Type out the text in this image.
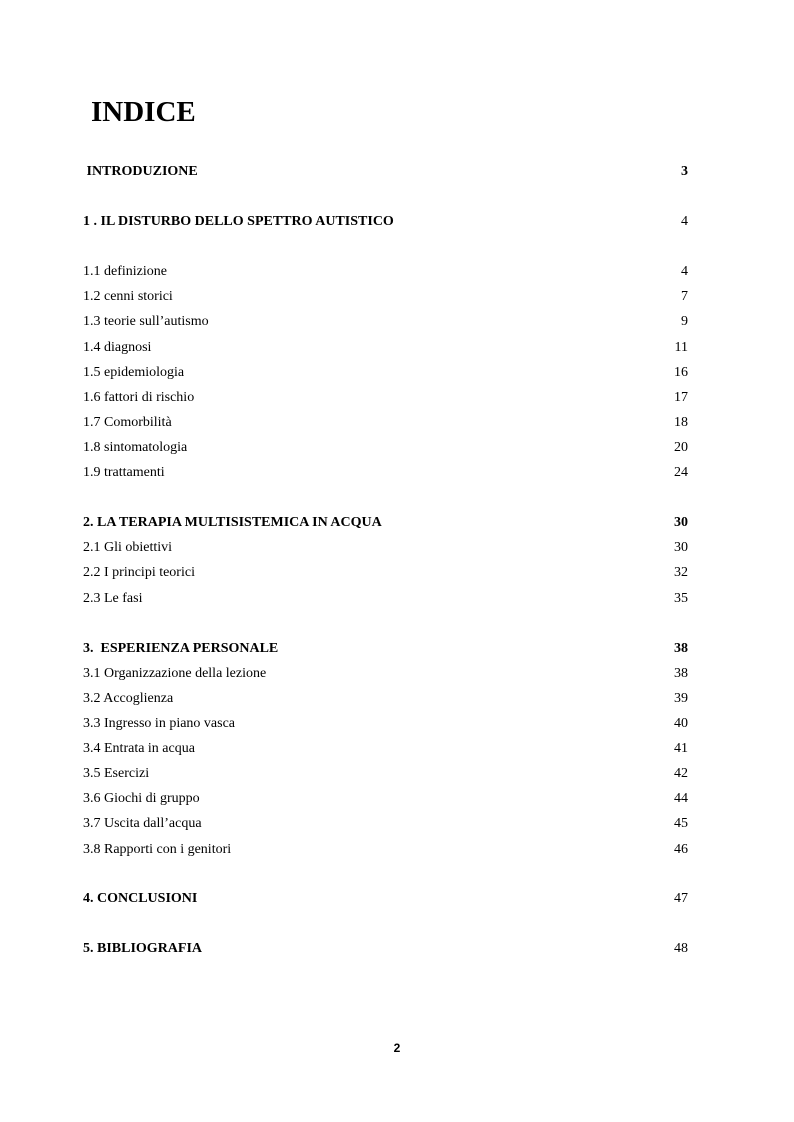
INDICE
INTRODUZIONE	3
1 . IL DISTURBO DELLO SPETTRO AUTISTICO	4
1.1 definizione	4
1.2 cenni storici	7
1.3 teorie sull’autismo	9
1.4 diagnosi	11
1.5 epidemiologia	16
1.6 fattori di rischio	17
1.7 Comorbilità	18
1.8 sintomatologia	20
1.9 trattamenti	24
2. LA TERAPIA MULTISISTEMICA IN ACQUA	30
2.1 Gli obiettivi	30
2.2 I principi teorici	32
2.3 Le fasi	35
3.  ESPERIENZA PERSONALE	38
3.1 Organizzazione della lezione	38
3.2 Accoglienza	39
3.3 Ingresso in piano vasca	40
3.4 Entrata in acqua	41
3.5 Esercizi	42
3.6 Giochi di gruppo	44
3.7 Uscita dall’acqua	45
3.8 Rapporti con i genitori	46
4. CONCLUSIONI	47
5. BIBLIOGRAFIA	48
2
